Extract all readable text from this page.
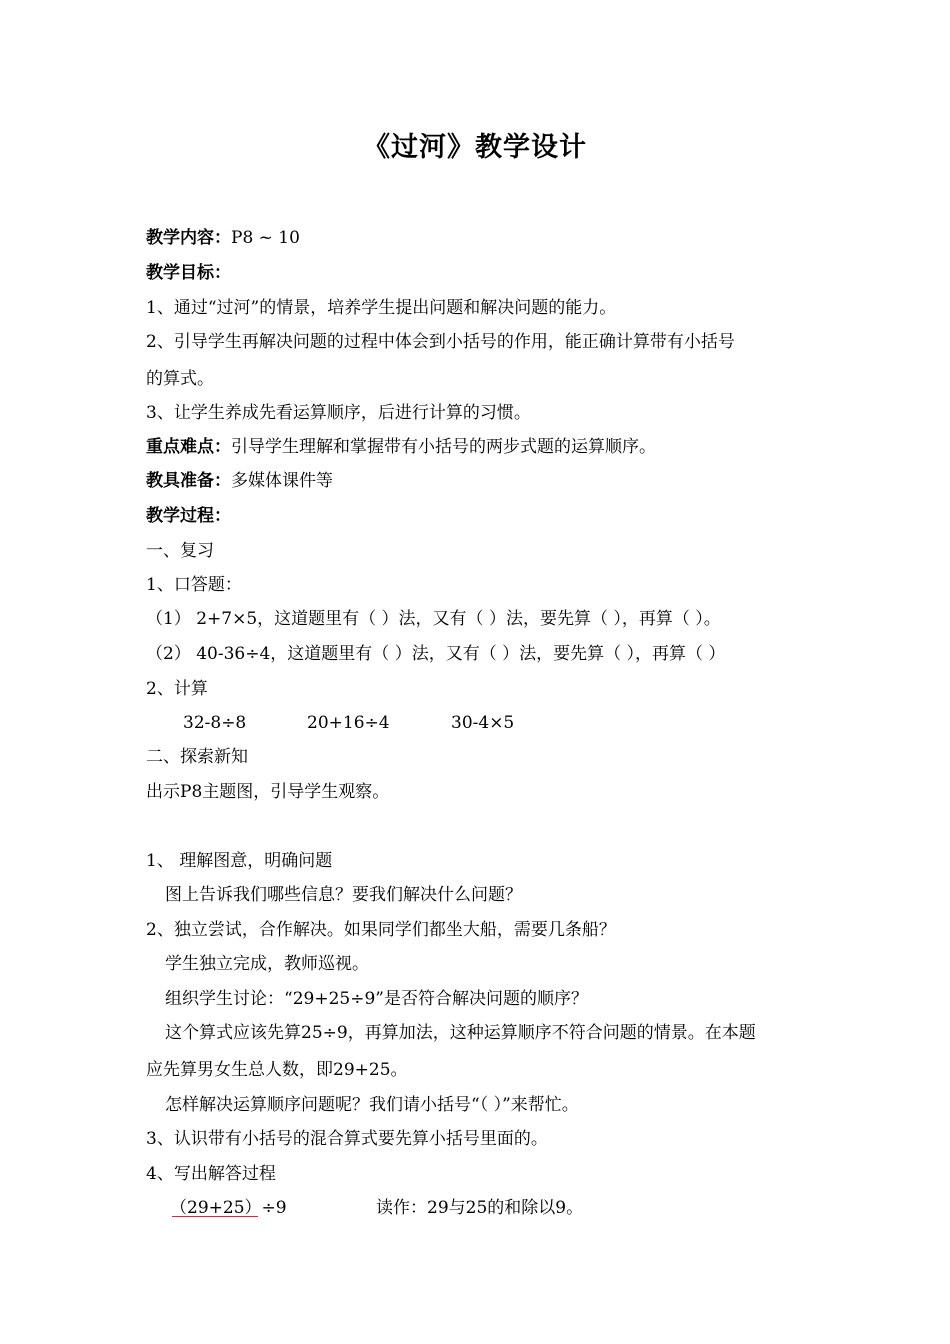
《过河》教学设计
教学内容：P8 ~ 10
教学目标：
1、通过“过河”的情景，培养学生提出问题和解决问题的能力。
2、引导学生再解决问题的过程中体会到小括号的作用，能正确计算带有小括号
的算式。
3、让学生养成先看运算顺序，后进行计算的习惯。
重点难点：引导学生理解和掌握带有小括号的两步式题的运算顺序。
教具准备：多媒体课件等
教学过程：
一、复习
1、口答题：
（1） 2+7×5，这道题里有（ ）法，又有（ ）法，要先算（ ），再算（ ）。
（2） 40-36÷4，这道题里有（ ）法，又有（ ）法，要先算（ ），再算（ ）
2、计算
32-8÷8	20+16÷4	30-4×5
二、探索新知
出示P8主题图，引导学生观察。
1、 理解图意，明确问题
图上告诉我们哪些信息？要我们解决什么问题？
2、独立尝试，合作解决。如果同学们都坐大船，需要几条船？
学生独立完成，教师巡视。
组织学生讨论：“29+25÷9”是否符合解决问题的顺序？
这个算式应该先算25÷9，再算加法，这种运算顺序不符合问题的情景。在本题
应先算男女生总人数，即29+25。
怎样解决运算顺序问题呢？我们请小括号“（ ）”来帮忙。
3、认识带有小括号的混合算式要先算小括号里面的。
4、写出解答过程
（29+25）÷9	读作：29与25的和除以9。
